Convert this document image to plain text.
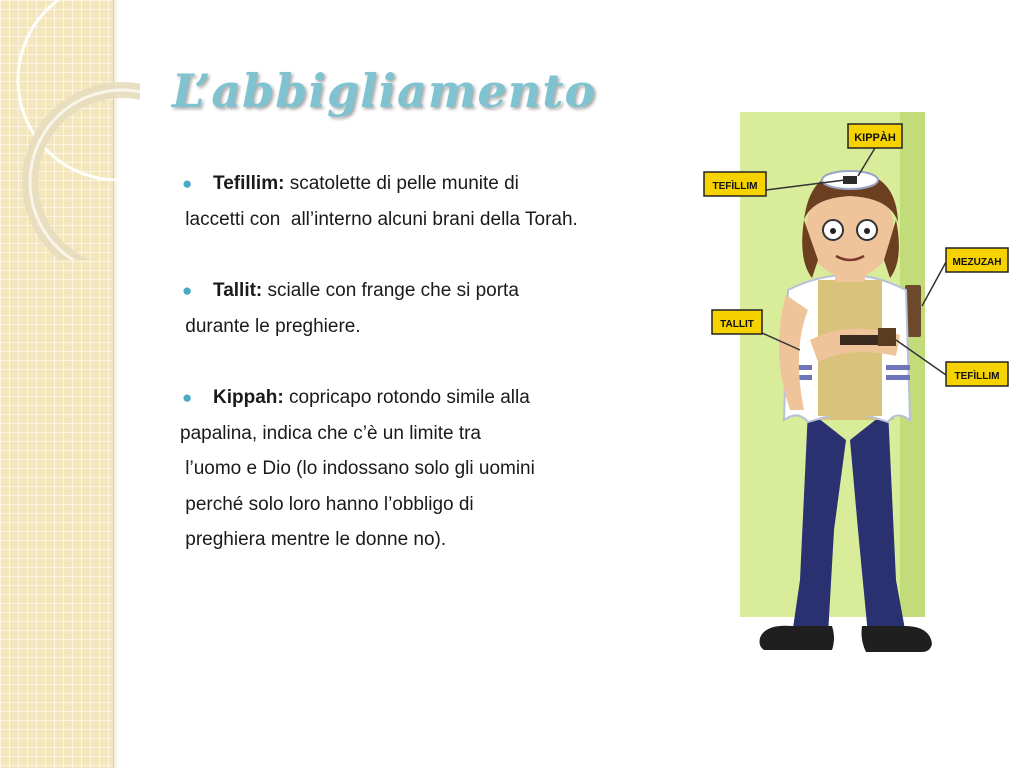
L’abbigliamento
● Tefillim: scatolette di pelle munite di
laccetti con  all’interno alcuni brani della Torah.
● Tallit: scialle con frange che si porta
durante le preghiere.
● Kippah: copricapo rotondo simile alla
papalina, indica che c’è un limite tra
l’uomo e Dio (lo indossano solo gli uomini
perché solo loro hanno l’obbligo di
preghiera mentre le donne no).
KIPPÀH
TEFÌLLIM
MEZUZAH
TALLIT
TEFÌLLIM
